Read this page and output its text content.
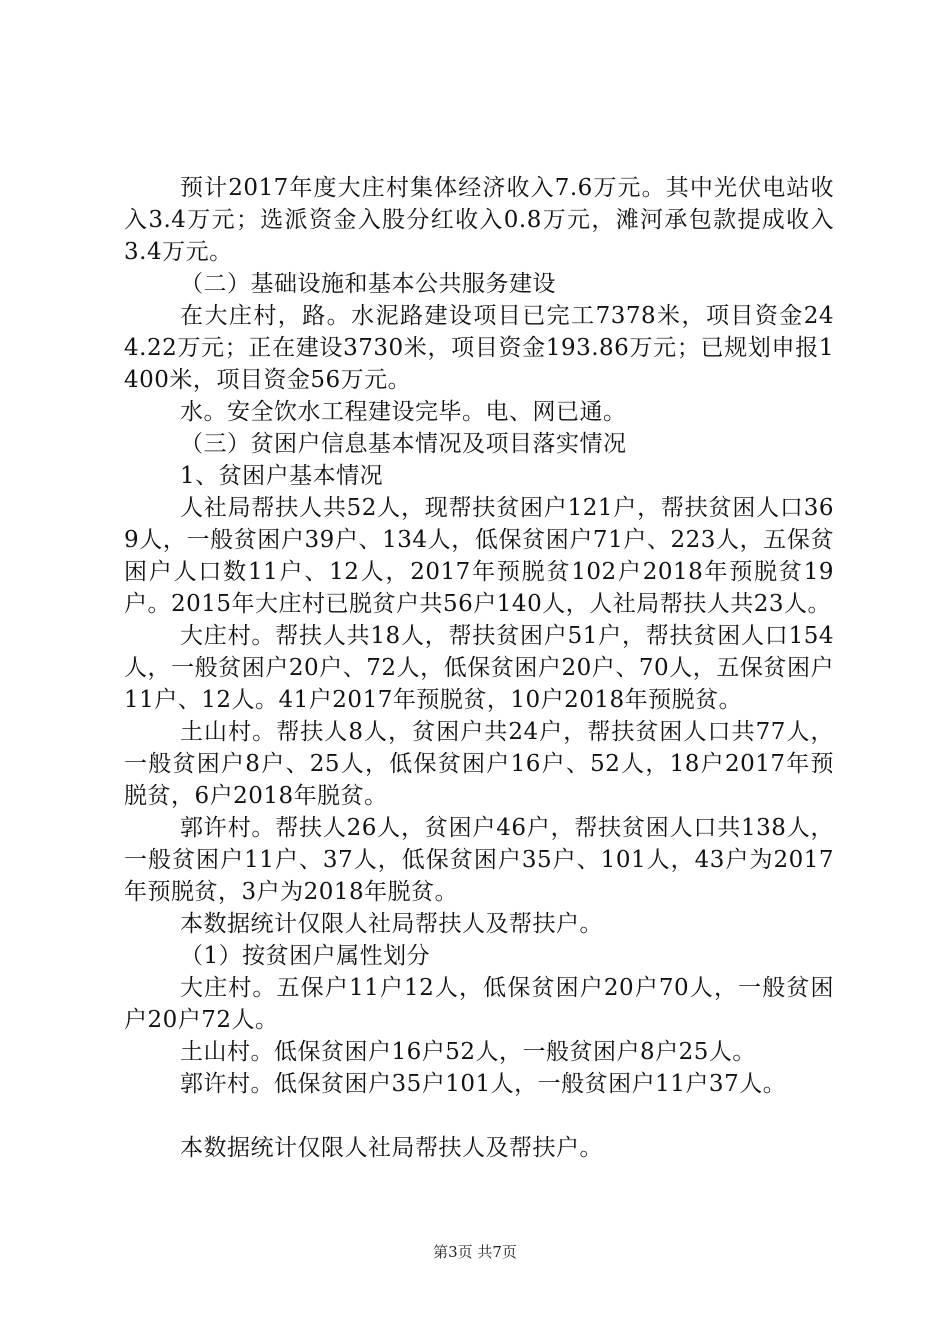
预计2017年度大庄村集体经济收入7.6万元。其中光伏电站收入3.4万元；选派资金入股分红收入0.8万元，滩河承包款提成收入3.4万元。

（二）基础设施和基本公共服务建设

在大庄村，路。水泥路建设项目已完工7378米，项目资金244.22万元；正在建设3730米，项目资金193.86万元；已规划申报1400米，项目资金56万元。

水。安全饮水工程建设完毕。电、网已通。

（三）贫困户信息基本情况及项目落实情况

1、贫困户基本情况

人社局帮扶人共52人，现帮扶贫困户121户，帮扶贫困人口369人，一般贫困户39户、134人，低保贫困户71户、223人，五保贫困户人口数11户、12人，2017年预脱贫102户2018年预脱贫19户。2015年大庄村已脱贫户共56户140人，人社局帮扶人共23人。

大庄村。帮扶人共18人，帮扶贫困户51户，帮扶贫困人口154人，一般贫困户20户、72人，低保贫困户20户、70人，五保贫困户11户、12人。41户2017年预脱贫，10户2018年预脱贫。

土山村。帮扶人8人，贫困户共24户，帮扶贫困人口共77人，一般贫困户8户、25人，低保贫困户16户、52人，18户2017年预脱贫，6户2018年脱贫。

郭许村。帮扶人26人，贫困户46户，帮扶贫困人口共138人，一般贫困户11户、37人，低保贫困户35户、101人，43户为2017年预脱贫，3户为2018年脱贫。

本数据统计仅限人社局帮扶人及帮扶户。

（1）按贫困户属性划分

大庄村。五保户11户12人，低保贫困户20户70人，一般贫困户20户72人。

土山村。低保贫困户16户52人，一般贫困户8户25人。

郭许村。低保贫困户35户101人，一般贫困户11户37人。

本数据统计仅限人社局帮扶人及帮扶户。

第3页 共7页
